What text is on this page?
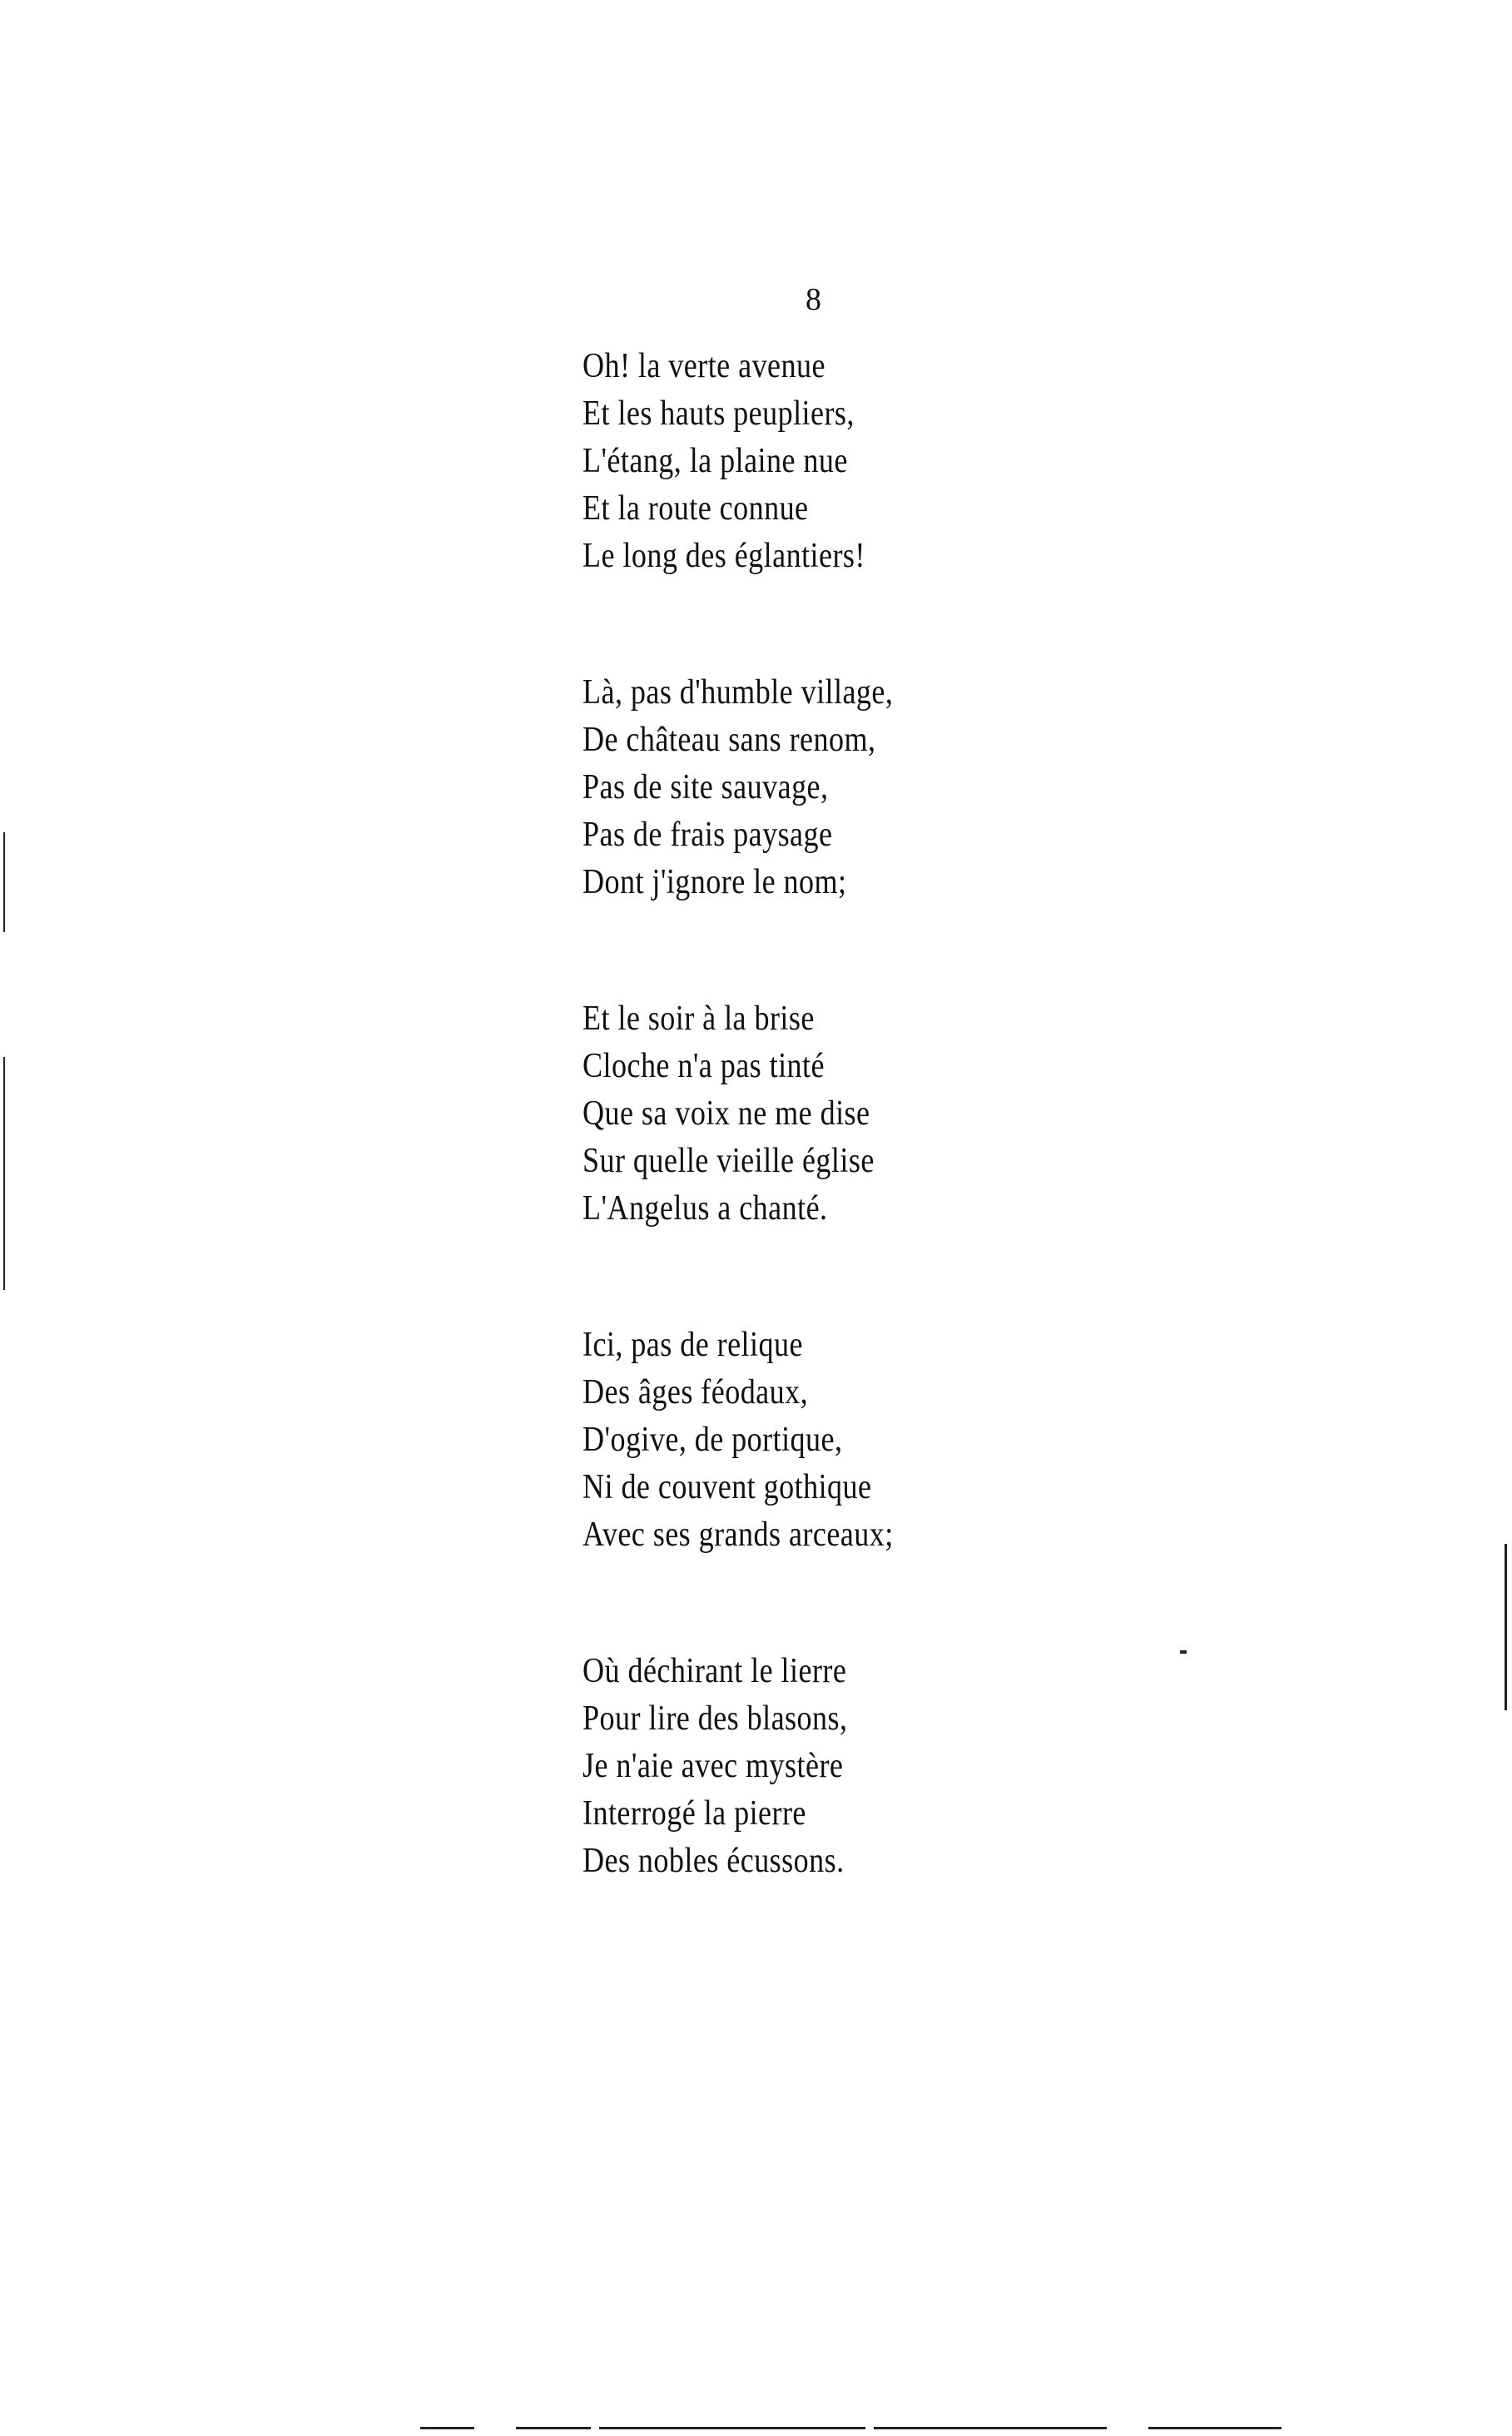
8
Oh! la verte avenue
Et les hauts peupliers,
L'étang, la plaine nue
Et la route connue
Le long des églantiers!
Là, pas d'humble village,
De château sans renom,
Pas de site sauvage,
Pas de frais paysage
Dont j'ignore le nom;
Et le soir à la brise
Cloche n'a pas tinté
Que sa voix ne me dise
Sur quelle vieille église
L'Angelus a chanté.
Ici, pas de relique
Des âges féodaux,
D'ogive, de portique,
Ni de couvent gothique
Avec ses grands arceaux;
Où déchirant le lierre
Pour lire des blasons,
Je n'aie avec mystère
Interrogé la pierre
Des nobles écussons.
